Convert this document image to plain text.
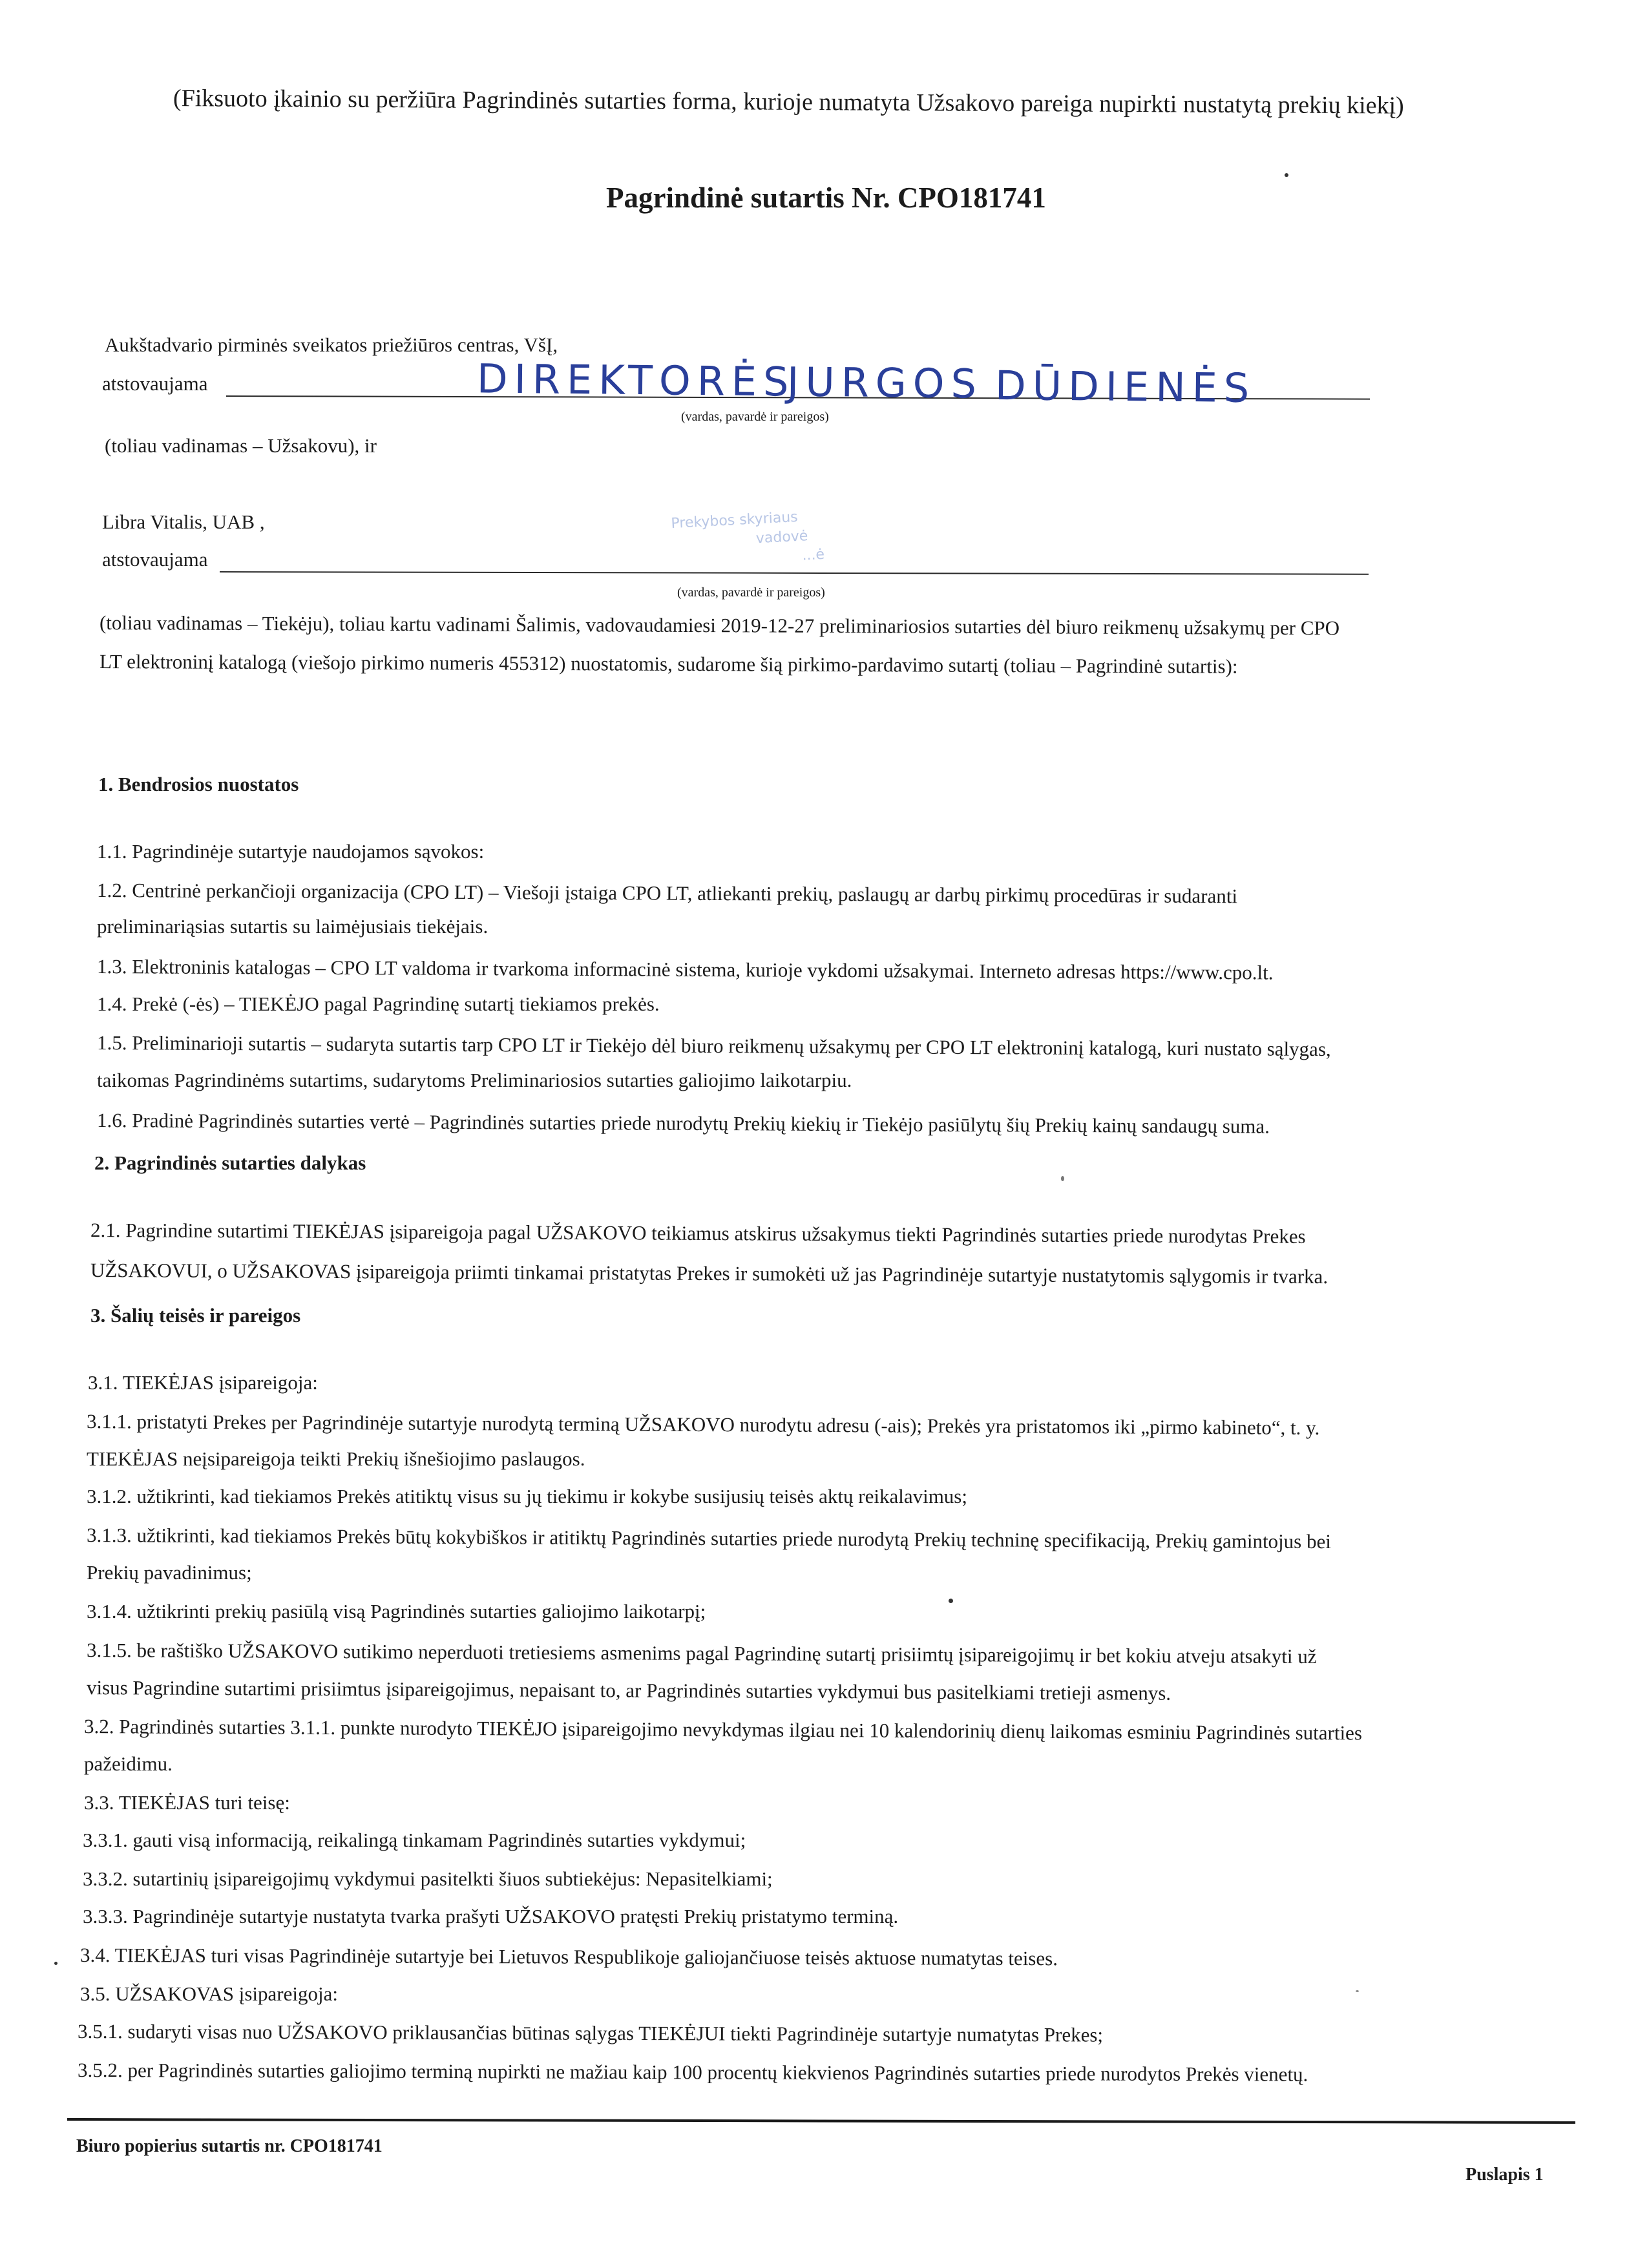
(Fiksuoto įkainio su peržiūra Pagrindinės sutarties forma, kurioje numatyta Užsakovo pareiga nupirkti nustatytą prekių kiekį)
Pagrindinė sutartis Nr. CPO181741
Aukštadvario pirminės sveikatos priežiūros centras, VšĮ,
atstovaujama	DIREKTORĖS
JURGOS DŪDIENĖS
(vardas, pavardė ir pareigos)
(toliau vadinamas – Užsakovu), ir
Libra Vitalis, UAB ,
atstovaujama
Prekybos skyriaus
vadovė
...ė
(vardas, pavardė ir pareigos)
(toliau vadinamas – Tiekėju), toliau kartu vadinami Šalimis, vadovaudamiesi 2019-12-27 preliminariosios sutarties dėl biuro reikmenų užsakymų per CPO
LT elektroninį katalogą (viešojo pirkimo numeris 455312) nuostatomis, sudarome šią pirkimo-pardavimo sutartį (toliau – Pagrindinė sutartis):
1. Bendrosios nuostatos
1.1. Pagrindinėje sutartyje naudojamos sąvokos:
1.2. Centrinė perkančioji organizacija (CPO LT) – Viešoji įstaiga CPO LT, atliekanti prekių, paslaugų ar darbų pirkimų procedūras ir sudaranti
preliminariąsias sutartis su laimėjusiais tiekėjais.
1.3. Elektroninis katalogas – CPO LT valdoma ir tvarkoma informacinė sistema, kurioje vykdomi užsakymai. Interneto adresas https://www.cpo.lt.
1.4. Prekė (-ės) – TIEKĖJO pagal Pagrindinę sutartį tiekiamos prekės.
1.5. Preliminarioji sutartis – sudaryta sutartis tarp CPO LT ir Tiekėjo dėl biuro reikmenų užsakymų per CPO LT elektroninį katalogą, kuri nustato sąlygas,
taikomas Pagrindinėms sutartims, sudarytoms Preliminariosios sutarties galiojimo laikotarpiu.
1.6. Pradinė Pagrindinės sutarties vertė – Pagrindinės sutarties priede nurodytų Prekių kiekių ir Tiekėjo pasiūlytų šių Prekių kainų sandaugų suma.
2. Pagrindinės sutarties dalykas
2.1. Pagrindine sutartimi TIEKĖJAS įsipareigoja pagal UŽSAKOVO teikiamus atskirus užsakymus tiekti Pagrindinės sutarties priede nurodytas Prekes
UŽSAKOVUI, o UŽSAKOVAS įsipareigoja priimti tinkamai pristatytas Prekes ir sumokėti už jas Pagrindinėje sutartyje nustatytomis sąlygomis ir tvarka.
3. Šalių teisės ir pareigos
3.1. TIEKĖJAS įsipareigoja:
3.1.1. pristatyti Prekes per Pagrindinėje sutartyje nurodytą terminą UŽSAKOVO nurodytu adresu (-ais); Prekės yra pristatomos iki „pirmo kabineto“, t. y.
TIEKĖJAS neįsipareigoja teikti Prekių išnešiojimo paslaugos.
3.1.2. užtikrinti, kad tiekiamos Prekės atitiktų visus su jų tiekimu ir kokybe susijusių teisės aktų reikalavimus;
3.1.3. užtikrinti, kad tiekiamos Prekės būtų kokybiškos ir atitiktų Pagrindinės sutarties priede nurodytą Prekių techninę specifikaciją, Prekių gamintojus bei
Prekių pavadinimus;
3.1.4. užtikrinti prekių pasiūlą visą Pagrindinės sutarties galiojimo laikotarpį;
3.1.5. be raštiško UŽSAKOVO sutikimo neperduoti tretiesiems asmenims pagal Pagrindinę sutartį prisiimtų įsipareigojimų ir bet kokiu atveju atsakyti už
visus Pagrindine sutartimi prisiimtus įsipareigojimus, nepaisant to, ar Pagrindinės sutarties vykdymui bus pasitelkiami tretieji asmenys.
3.2. Pagrindinės sutarties 3.1.1. punkte nurodyto TIEKĖJO įsipareigojimo nevykdymas ilgiau nei 10 kalendorinių dienų laikomas esminiu Pagrindinės sutarties
pažeidimu.
3.3. TIEKĖJAS turi teisę:
3.3.1. gauti visą informaciją, reikalingą tinkamam Pagrindinės sutarties vykdymui;
3.3.2. sutartinių įsipareigojimų vykdymui pasitelkti šiuos subtiekėjus: Nepasitelkiami;
3.3.3. Pagrindinėje sutartyje nustatyta tvarka prašyti UŽSAKOVO pratęsti Prekių pristatymo terminą.
3.4. TIEKĖJAS turi visas Pagrindinėje sutartyje bei Lietuvos Respublikoje galiojančiuose teisės aktuose numatytas teises.
3.5. UŽSAKOVAS įsipareigoja:
3.5.1. sudaryti visas nuo UŽSAKOVO priklausančias būtinas sąlygas TIEKĖJUI tiekti Pagrindinėje sutartyje numatytas Prekes;
3.5.2. per Pagrindinės sutarties galiojimo terminą nupirkti ne mažiau kaip 100 procentų kiekvienos Pagrindinės sutarties priede nurodytos Prekės vienetų.
Biuro popierius sutartis nr. CPO181741
Puslapis 1
